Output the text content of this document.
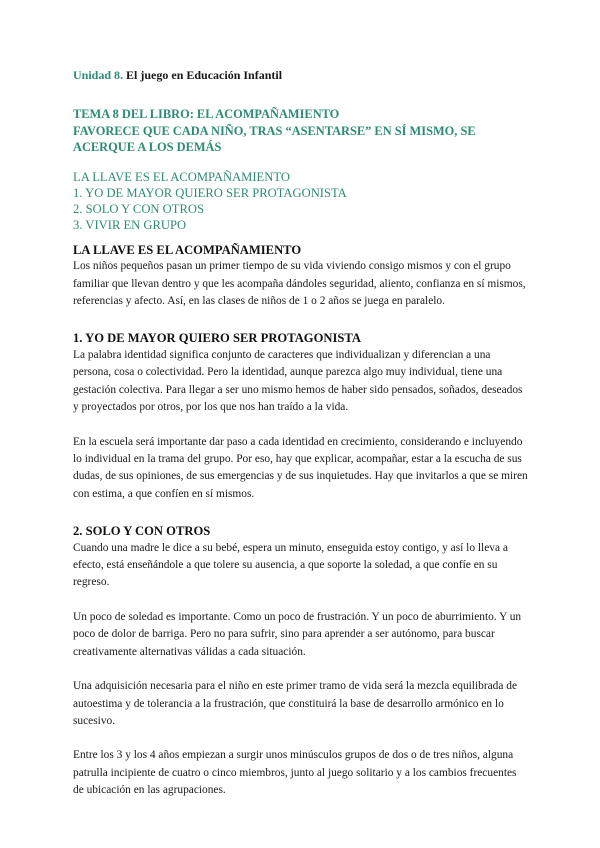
Unidad 8. El juego en Educación Infantil
TEMA 8 DEL LIBRO: EL ACOMPAÑAMIENTO
FAVORECE QUE CADA NIÑO, TRAS “ASENTARSE” EN SÍ MISMO, SE
ACERQUE A LOS DEMÁS
LA LLAVE ES EL ACOMPAÑAMIENTO
1. YO DE MAYOR QUIERO SER PROTAGONISTA
2. SOLO Y CON OTROS
3. VIVIR EN GRUPO
LA LLAVE ES EL ACOMPAÑAMIENTO

Los niños pequeños pasan un primer tiempo de su vida viviendo consigo mismos y con el grupo familiar que llevan dentro y que les acompaña dándoles seguridad, aliento, confianza en sí mismos, referencias y afecto. Así, en las clases de niños de 1 o 2 años se juega en paralelo.

1. YO DE MAYOR QUIERO SER PROTAGONISTA

La palabra identidad significa conjunto de caracteres que individualizan y diferencian a una persona, cosa o colectividad. Pero la identidad, aunque parezca algo muy individual, tiene una gestación colectiva. Para llegar a ser uno mismo hemos de haber sido pensados, soñados, deseados y proyectados por otros, por los que nos han traído a la vida.

En la escuela será importante dar paso a cada identidad en crecimiento, considerando e incluyendo lo individual en la trama del grupo. Por eso, hay que explicar, acompañar, estar a la escucha de sus dudas, de sus opiniones, de sus emergencias y de sus inquietudes. Hay que invitarlos a que se miren con estima, a que confíen en sí mismos.

2. SOLO Y CON OTROS

Cuando una madre le dice a su bebé, espera un minuto, enseguida estoy contigo, y así lo lleva a efecto, está enseñándole a que tolere su ausencia, a que soporte la soledad, a que confíe en su regreso.

Un poco de soledad es importante. Como un poco de frustración. Y un poco de aburrimiento. Y un poco de dolor de barriga. Pero no para sufrir, sino para aprender a ser autónomo, para buscar creativamente alternativas válidas a cada situación.

Una adquisición necesaria para el niño en este primer tramo de vida será la mezcla equilibrada de autoestima y de tolerancia a la frustración, que constituirá la base de desarrollo armónico en lo sucesivo.

Entre los 3 y los 4 años empiezan a surgir unos minúsculos grupos de dos o de tres niños, alguna patrulla incipiente de cuatro o cinco miembros, junto al juego solitario y a los cambios frecuentes de ubicación en las agrupaciones.
